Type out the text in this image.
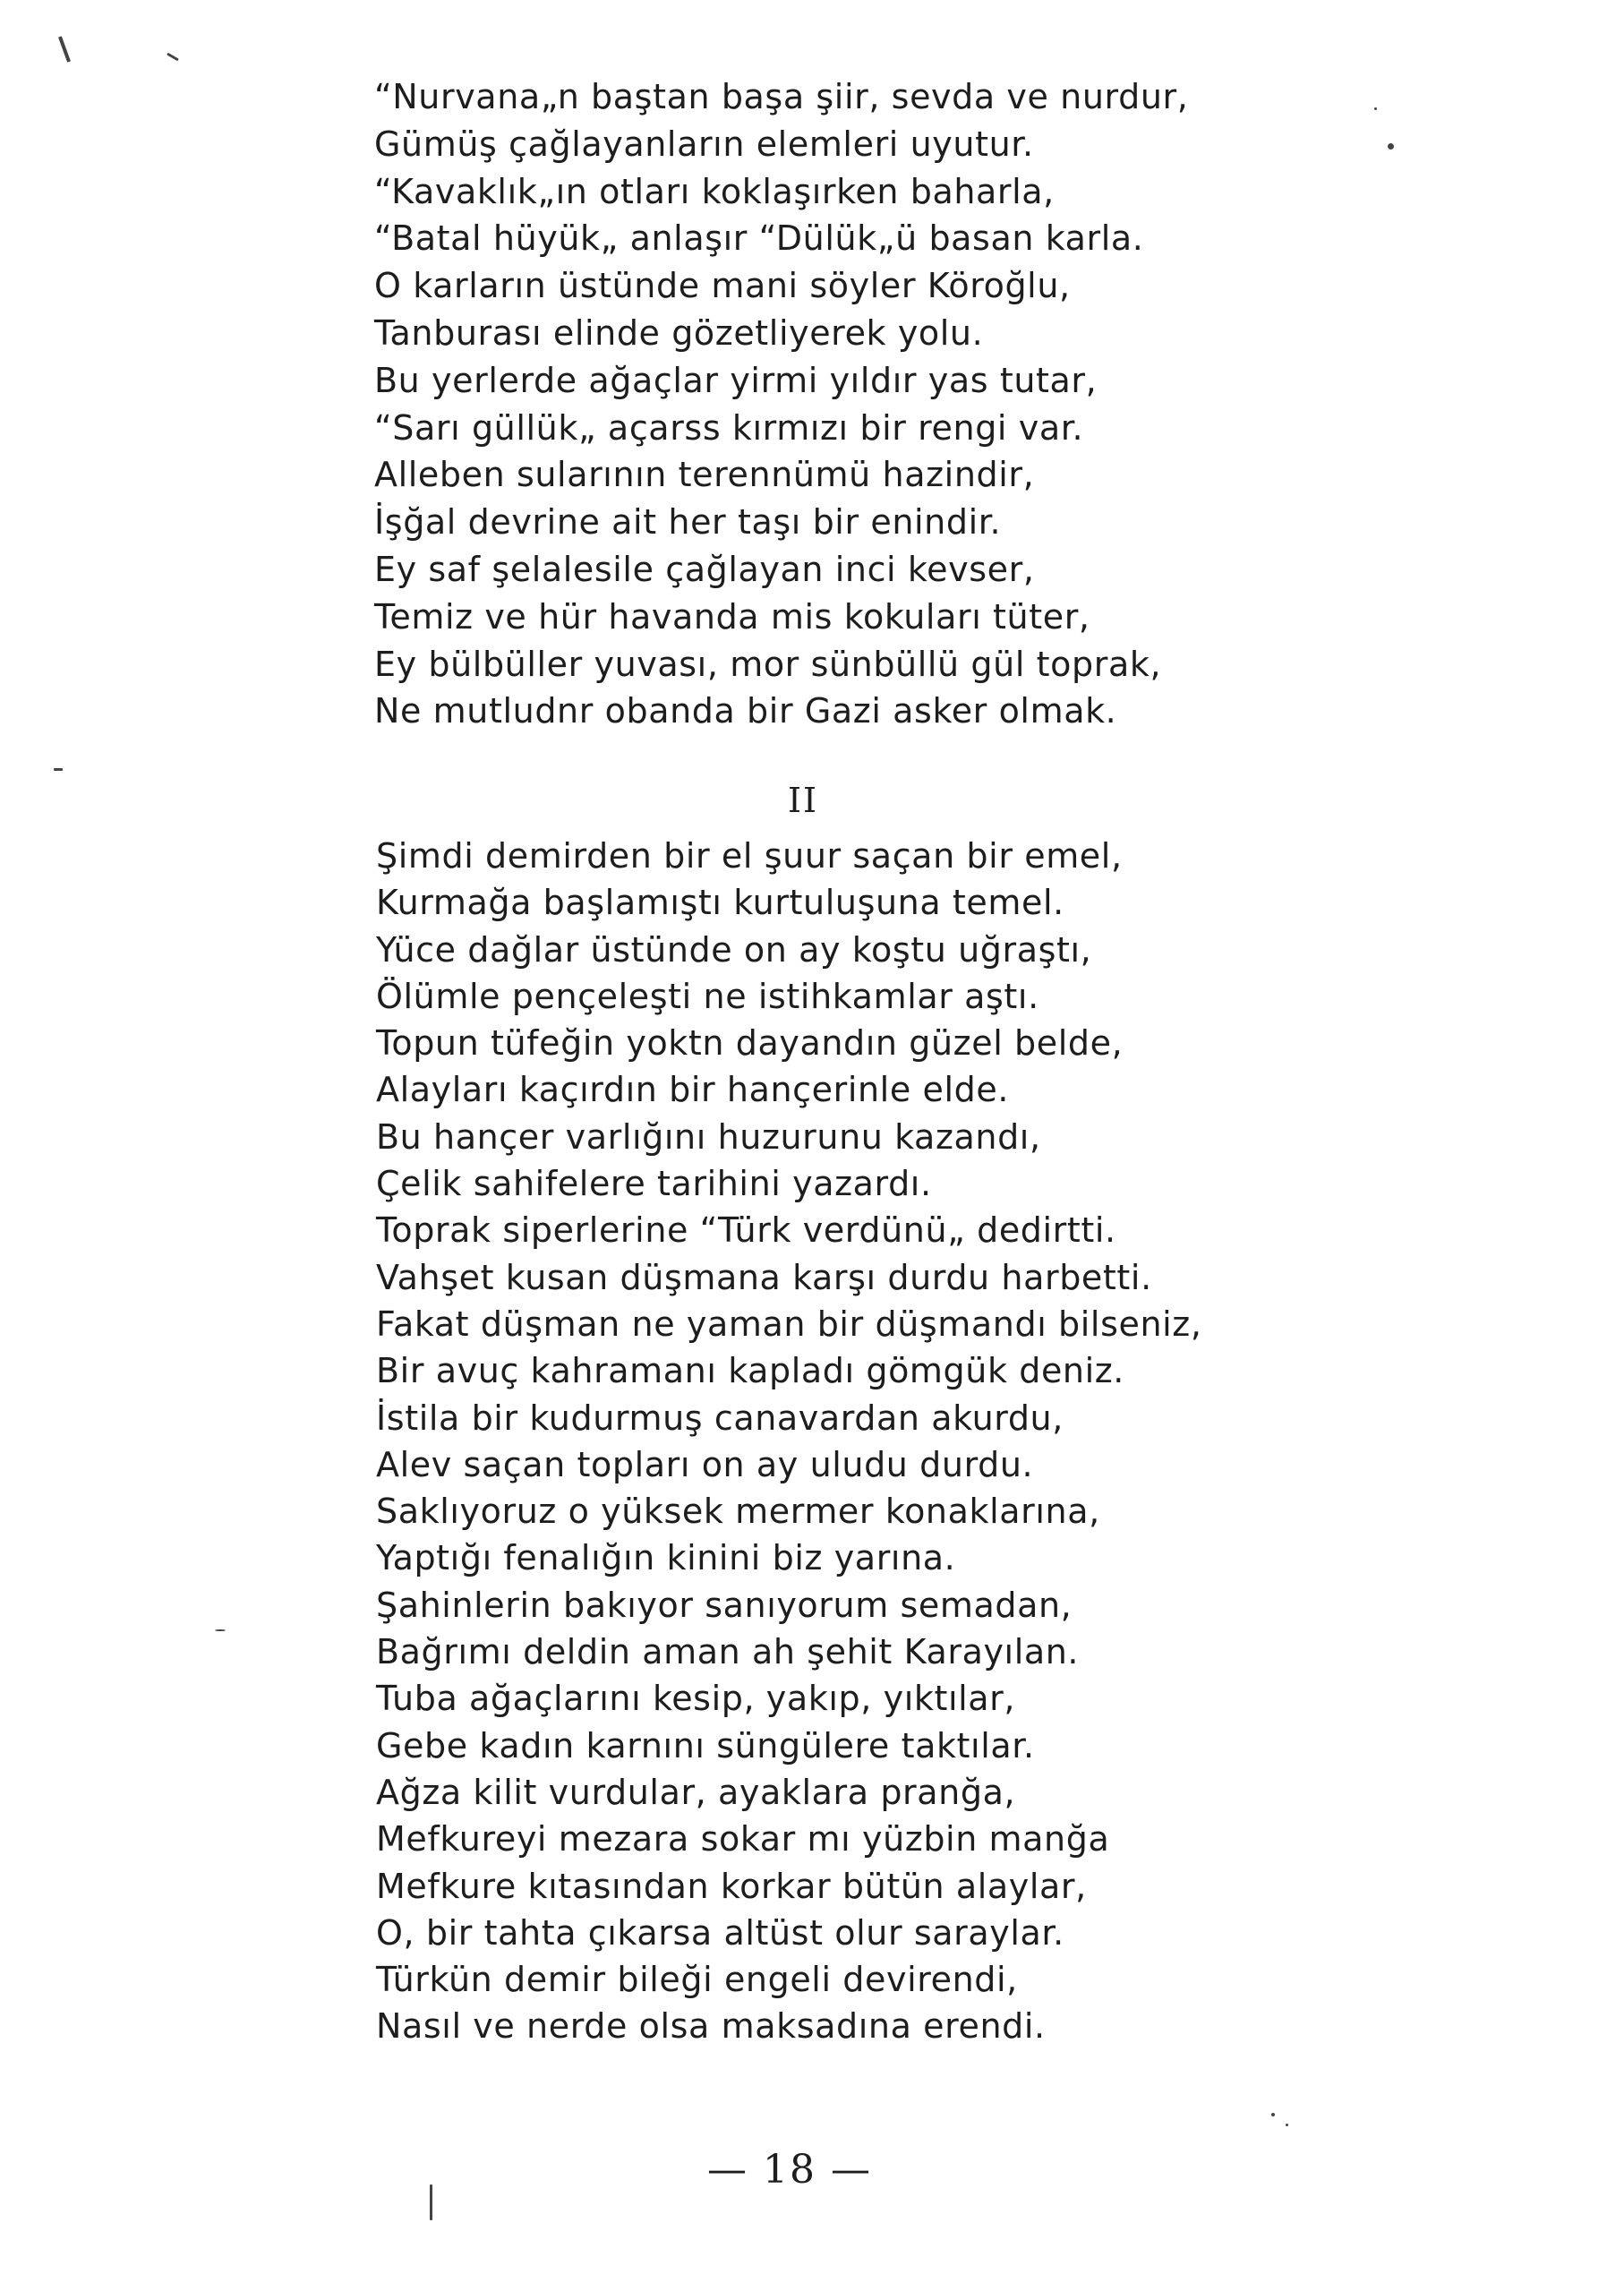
“Nurvana„n baştan başa şiir, sevda ve nurdur,
Gümüş çağlayanların elemleri uyutur.
“Kavaklık„ın otları koklaşırken baharla,
“Batal hüyük„ anlaşır “Dülük„ü basan karla.
O karların üstünde mani söyler Köroğlu,
Tanburası elinde gözetliyerek yolu.
Bu yerlerde ağaçlar yirmi yıldır yas tutar,
“Sarı güllük„ açarss kırmızı bir rengi var.
Alleben sularının terennümü hazindir,
İşğal devrine ait her taşı bir enindir.
Ey saf şelalesile çağlayan inci kevser,
Temiz ve hür havanda mis kokuları tüter,
Ey bülbüller yuvası, mor sünbüllü gül toprak,
Ne mutludnr obanda bir Gazi asker olmak.
II
Şimdi demirden bir el şuur saçan bir emel,
Kurmağa başlamıştı kurtuluşuna temel.
Yüce dağlar üstünde on ay koştu uğraştı,
Ölümle pençeleşti ne istihkamlar aştı.
Topun tüfeğin yoktn dayandın güzel belde,
Alayları kaçırdın bir hançerinle elde.
Bu hançer varlığını huzurunu kazandı,
Çelik sahifelere tarihini yazardı.
Toprak siperlerine “Türk verdünü„ dedirtti.
Vahşet kusan düşmana karşı durdu harbetti.
Fakat düşman ne yaman bir düşmandı bilseniz,
Bir avuç kahramanı kapladı gömgük deniz.
İstila bir kudurmuş canavardan akurdu,
Alev saçan topları on ay uludu durdu.
Saklıyoruz o yüksek mermer konaklarına,
Yaptığı fenalığın kinini biz yarına.
Şahinlerin bakıyor sanıyorum semadan,
Bağrımı deldin aman ah şehit Karayılan.
Tuba ağaçlarını kesip, yakıp, yıktılar,
Gebe kadın karnını süngülere taktılar.
Ağza kilit vurdular, ayaklara pranğa,
Mefkureyi mezara sokar mı yüzbin manğa
Mefkure kıtasından korkar bütün alaylar,
O, bir tahta çıkarsa altüst olur saraylar.
Türkün demir bileği engeli devirendi,
Nasıl ve nerde olsa maksadına erendi.
— 18 —
